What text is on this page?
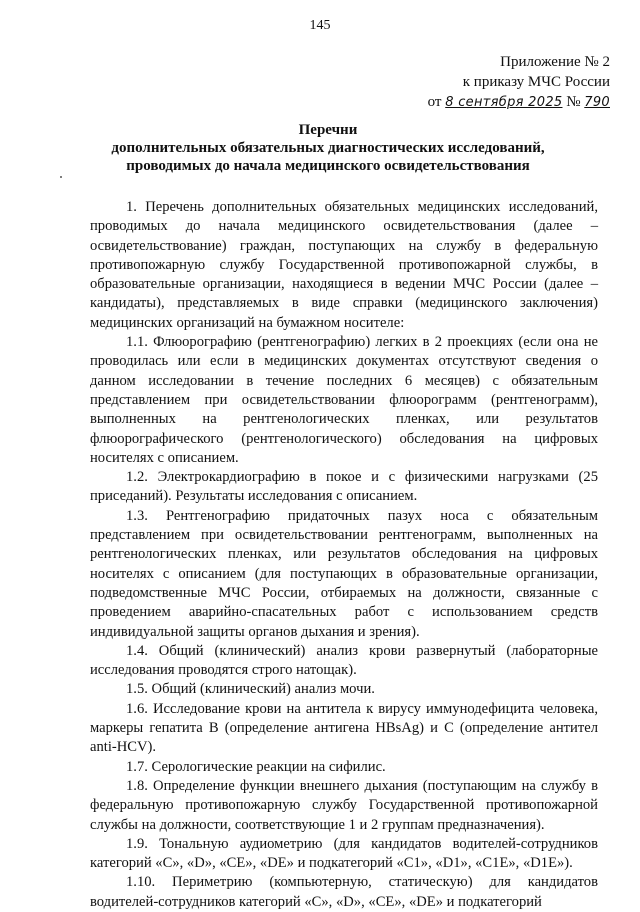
145
Приложение № 2
к приказу МЧС России
от 8 сентября 2025 № 790
Перечни
дополнительных обязательных диагностических исследований,
проводимых до начала медицинского освидетельствования

1. Перечень дополнительных обязательных медицинских исследований, проводимых до начала медицинского освидетельствования (далее – освидетельствование) граждан, поступающих на службу в федеральную противопожарную службу Государственной противопожарной службы, в образовательные организации, находящиеся в ведении МЧС России (далее – кандидаты), представляемых в виде справки (медицинского заключения) медицинских организаций на бумажном носителе:

1.1. Флюорографию (рентгенографию) легких в 2 проекциях (если она не проводилась или если в медицинских документах отсутствуют сведения о данном исследовании в течение последних 6 месяцев) с обязательным представлением при освидетельствовании флюорограмм (рентгенограмм), выполненных на рентгенологических пленках, или результатов флюорографического (рентгенологического) обследования на цифровых носителях с описанием.

1.2. Электрокардиографию в покое и с физическими нагрузками (25 приседаний). Результаты исследования с описанием.

1.3. Рентгенографию придаточных пазух носа с обязательным представлением при освидетельствовании рентгенограмм, выполненных на рентгенологических пленках, или результатов обследования на цифровых носителях с описанием (для поступающих в образовательные организации, подведомственные МЧС России, отбираемых на должности, связанные с проведением аварийно-спасательных работ с использованием средств индивидуальной защиты органов дыхания и зрения).

1.4. Общий (клинический) анализ крови развернутый (лабораторные исследования проводятся строго натощак).

1.5. Общий (клинический) анализ мочи.

1.6. Исследование крови на антитела к вирусу иммунодефицита человека, маркеры гепатита В (определение антигена HBsAg) и С (определение антител anti-HCV).

1.7. Серологические реакции на сифилис.

1.8. Определение функции внешнего дыхания (поступающим на службу в федеральную противопожарную службу Государственной противопожарной службы на должности, соответствующие 1 и 2 группам предназначения).

1.9. Тональную аудиометрию (для кандидатов водителей-сотрудников категорий «С», «D», «СЕ», «DE» и подкатегорий «С1», «D1», «С1Е», «D1E»).

1.10. Периметрию (компьютерную, статическую) для кандидатов водителей-сотрудников категорий «С», «D», «СЕ», «DE» и подкатегорий
